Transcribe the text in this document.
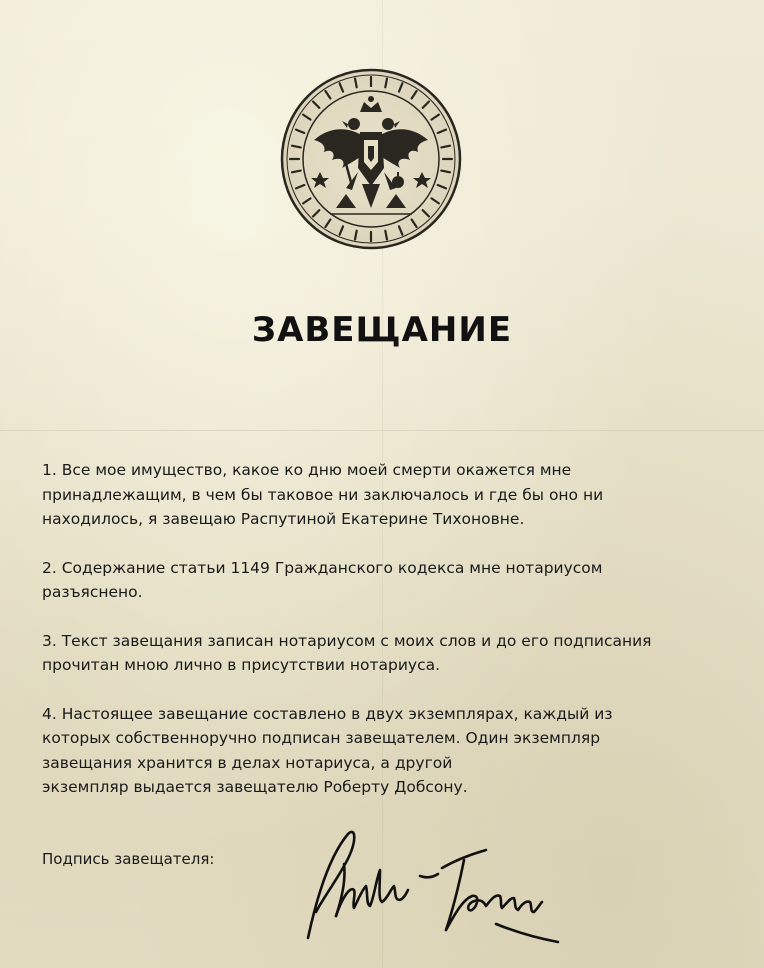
ЗАВЕЩАНИЕ

1. Все мое имущество, какое ко дню моей смерти окажется мне
принадлежащим, в чем бы таковое ни заключалось и где бы оно ни
находилось, я завещаю Распутиной Екатерине Тихоновне.

2. Содержание статьи 1149 Гражданского кодекса мне нотариусом
разъяснено.

3. Текст завещания записан нотариусом с моих слов и до его подписания
прочитан мною лично в присутствии нотариуса.

4. Настоящее завещание составлено в двух экземплярах, каждый из
которых собственноручно подписан завещателем. Один экземпляр
завещания хранится в делах нотариуса, а другой
экземпляр выдается завещателю Роберту Добсону.

Подпись завещателя:
